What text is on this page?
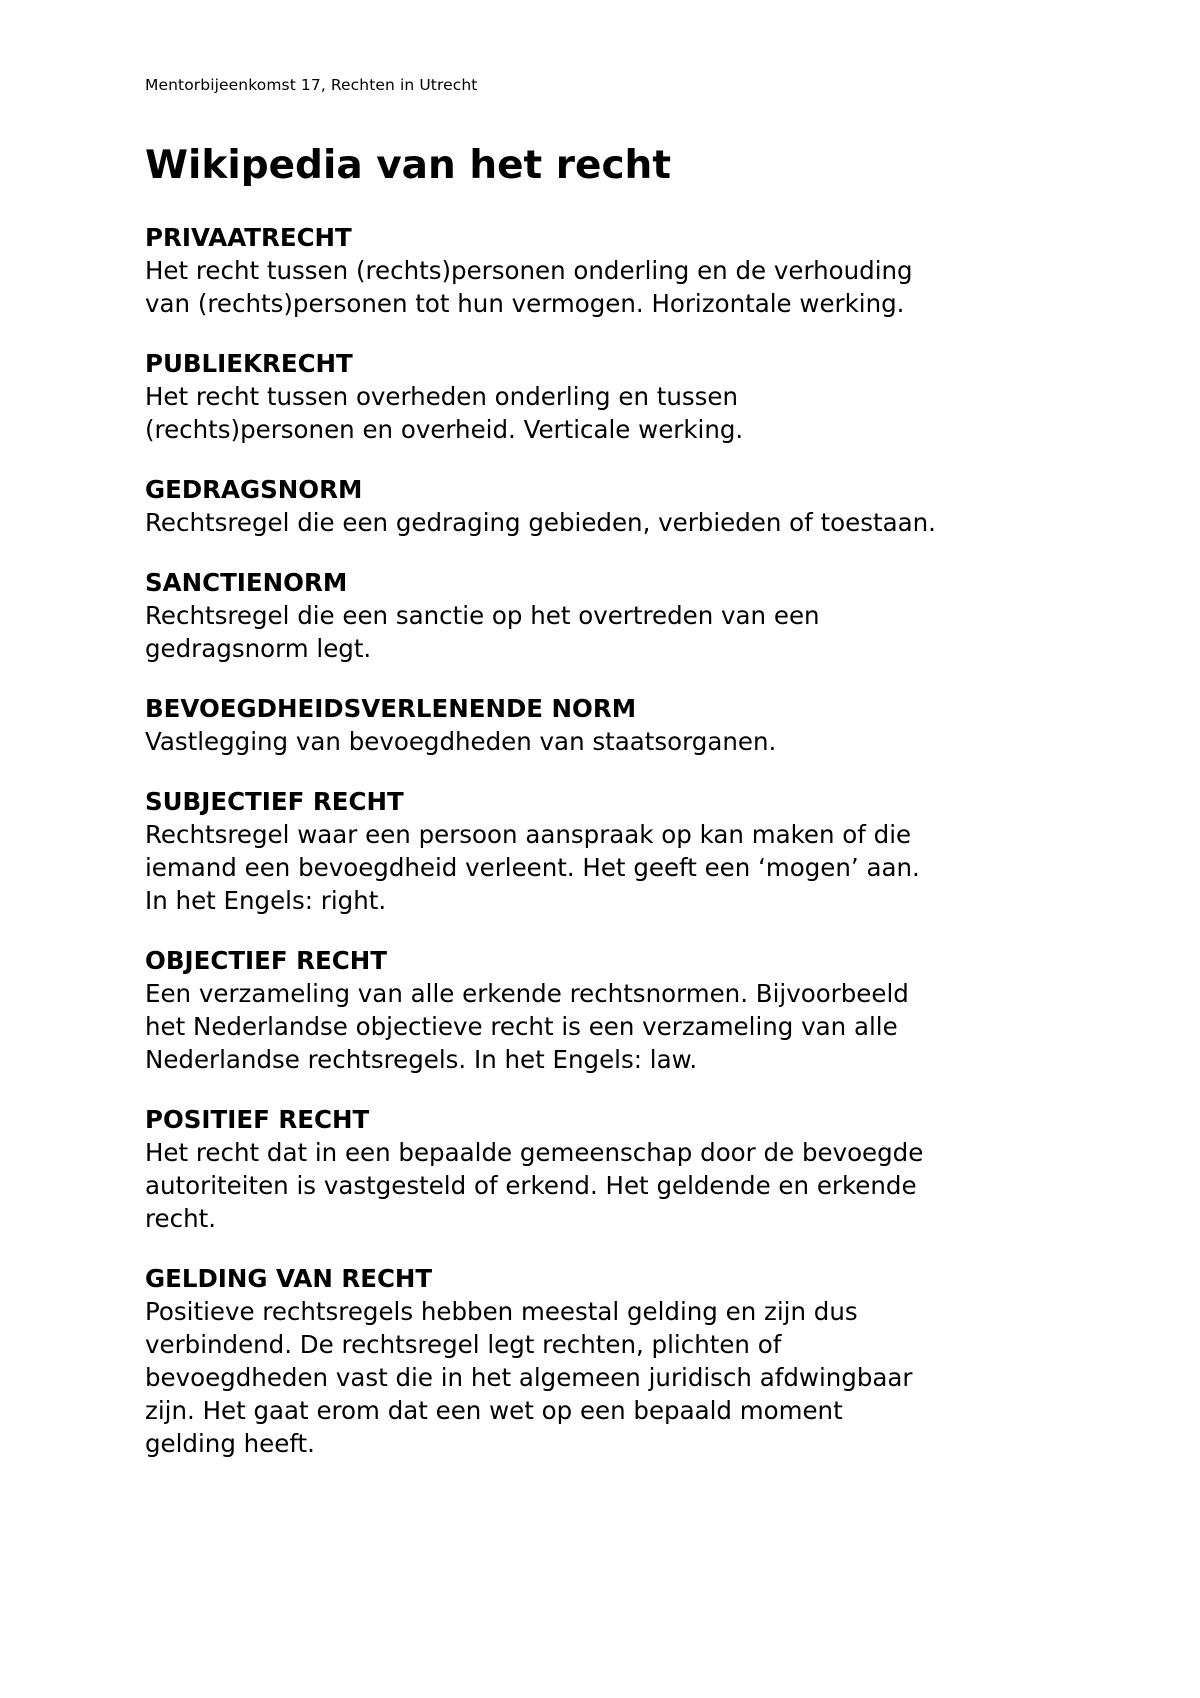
Mentorbijeenkomst 17, Rechten in Utrecht
Wikipedia van het recht

PRIVAATRECHT

Het recht tussen (rechts)personen onderling en de verhouding
van (rechts)personen tot hun vermogen. Horizontale werking.

PUBLIEKRECHT

Het recht tussen overheden onderling en tussen
(rechts)personen en overheid. Verticale werking.

GEDRAGSNORM

Rechtsregel die een gedraging gebieden, verbieden of toestaan.

SANCTIENORM

Rechtsregel die een sanctie op het overtreden van een
gedragsnorm legt.

BEVOEGDHEIDSVERLENENDE NORM

Vastlegging van bevoegdheden van staatsorganen.

SUBJECTIEF RECHT

Rechtsregel waar een persoon aanspraak op kan maken of die
iemand een bevoegdheid verleent. Het geeft een ‘mogen’ aan.
In het Engels: right.

OBJECTIEF RECHT

Een verzameling van alle erkende rechtsnormen. Bijvoorbeeld
het Nederlandse objectieve recht is een verzameling van alle
Nederlandse rechtsregels. In het Engels: law.

POSITIEF RECHT

Het recht dat in een bepaalde gemeenschap door de bevoegde
autoriteiten is vastgesteld of erkend. Het geldende en erkende
recht.

GELDING VAN RECHT

Positieve rechtsregels hebben meestal gelding en zijn dus
verbindend. De rechtsregel legt rechten, plichten of
bevoegdheden vast die in het algemeen juridisch afdwingbaar
zijn. Het gaat erom dat een wet op een bepaald moment
gelding heeft.
